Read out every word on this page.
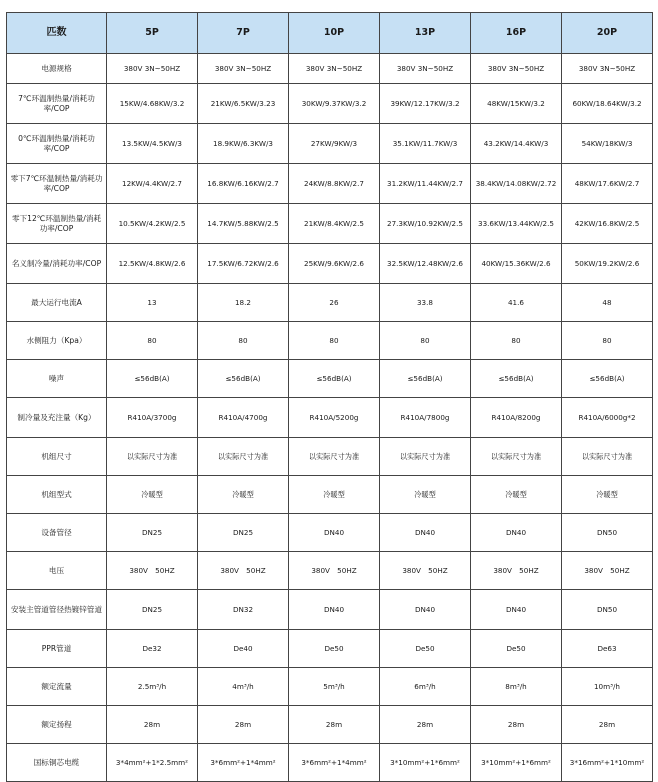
匹数	5P	7P	10P	13P	16P	20P
电源规格	380V 3N~50HZ	380V 3N~50HZ	380V 3N~50HZ	380V 3N~50HZ	380V 3N~50HZ	380V 3N~50HZ
7℃环温制热量/消耗功率/COP	15KW/4.68KW/3.2	21KW/6.5KW/3.23	30KW/9.37KW/3.2	39KW/12.17KW/3.2	48KW/15KW/3.2	60KW/18.64KW/3.2
0℃环温制热量/消耗功率/COP	13.5KW/4.5KW/3	18.9KW/6.3KW/3	27KW/9KW/3	35.1KW/11.7KW/3	43.2KW/14.4KW/3	54KW/18KW/3
零下7℃环温制热量/消耗功率/COP	12KW/4.4KW/2.7	16.8KW/6.16KW/2.7	24KW/8.8KW/2.7	31.2KW/11.44KW/2.7	38.4KW/14.08KW/2.72	48KW/17.6KW/2.7
零下12℃环温制热量/消耗功率/COP	10.5KW/4.2KW/2.5	14.7KW/5.88KW/2.5	21KW/8.4KW/2.5	27.3KW/10.92KW/2.5	33.6KW/13.44KW/2.5	42KW/16.8KW/2.5
名义制冷量/消耗功率/COP	12.5KW/4.8KW/2.6	17.5KW/6.72KW/2.6	25KW/9.6KW/2.6	32.5KW/12.48KW/2.6	40KW/15.36KW/2.6	50KW/19.2KW/2.6
最大运行电流A	13	18.2	26	33.8	41.6	48
水侧阻力（Kpa）	80	80	80	80	80	80
噪声	≤56dB(A)	≤56dB(A)	≤56dB(A)	≤56dB(A)	≤56dB(A)	≤56dB(A)
制冷量及充注量（Kg）	R410A/3700g	R410A/4700g	R410A/5200g	R410A/7800g	R410A/8200g	R410A/6000g*2
机组尺寸	以实际尺寸为准	以实际尺寸为准	以实际尺寸为准	以实际尺寸为准	以实际尺寸为准	以实际尺寸为准
机组型式	冷暖型	冷暖型	冷暖型	冷暖型	冷暖型	冷暖型
设备管径	DN25	DN25	DN40	DN40	DN40	DN50
电压	380V　50HZ	380V　50HZ	380V　50HZ	380V　50HZ	380V　50HZ	380V　50HZ
安装主管道管径热镀锌管道	DN25	DN32	DN40	DN40	DN40	DN50
PPR管道	De32	De40	De50	De50	De50	De63
额定流量	2.5m³/h	4m³/h	5m³/h	6m³/h	8m³/h	10m³/h
额定扬程	28m	28m	28m	28m	28m	28m
国标铜芯电缆	3*4mm²+1*2.5mm²	3*6mm²+1*4mm²	3*6mm²+1*4mm²	3*10mm²+1*6mm²	3*10mm²+1*6mm²	3*16mm²+1*10mm²
